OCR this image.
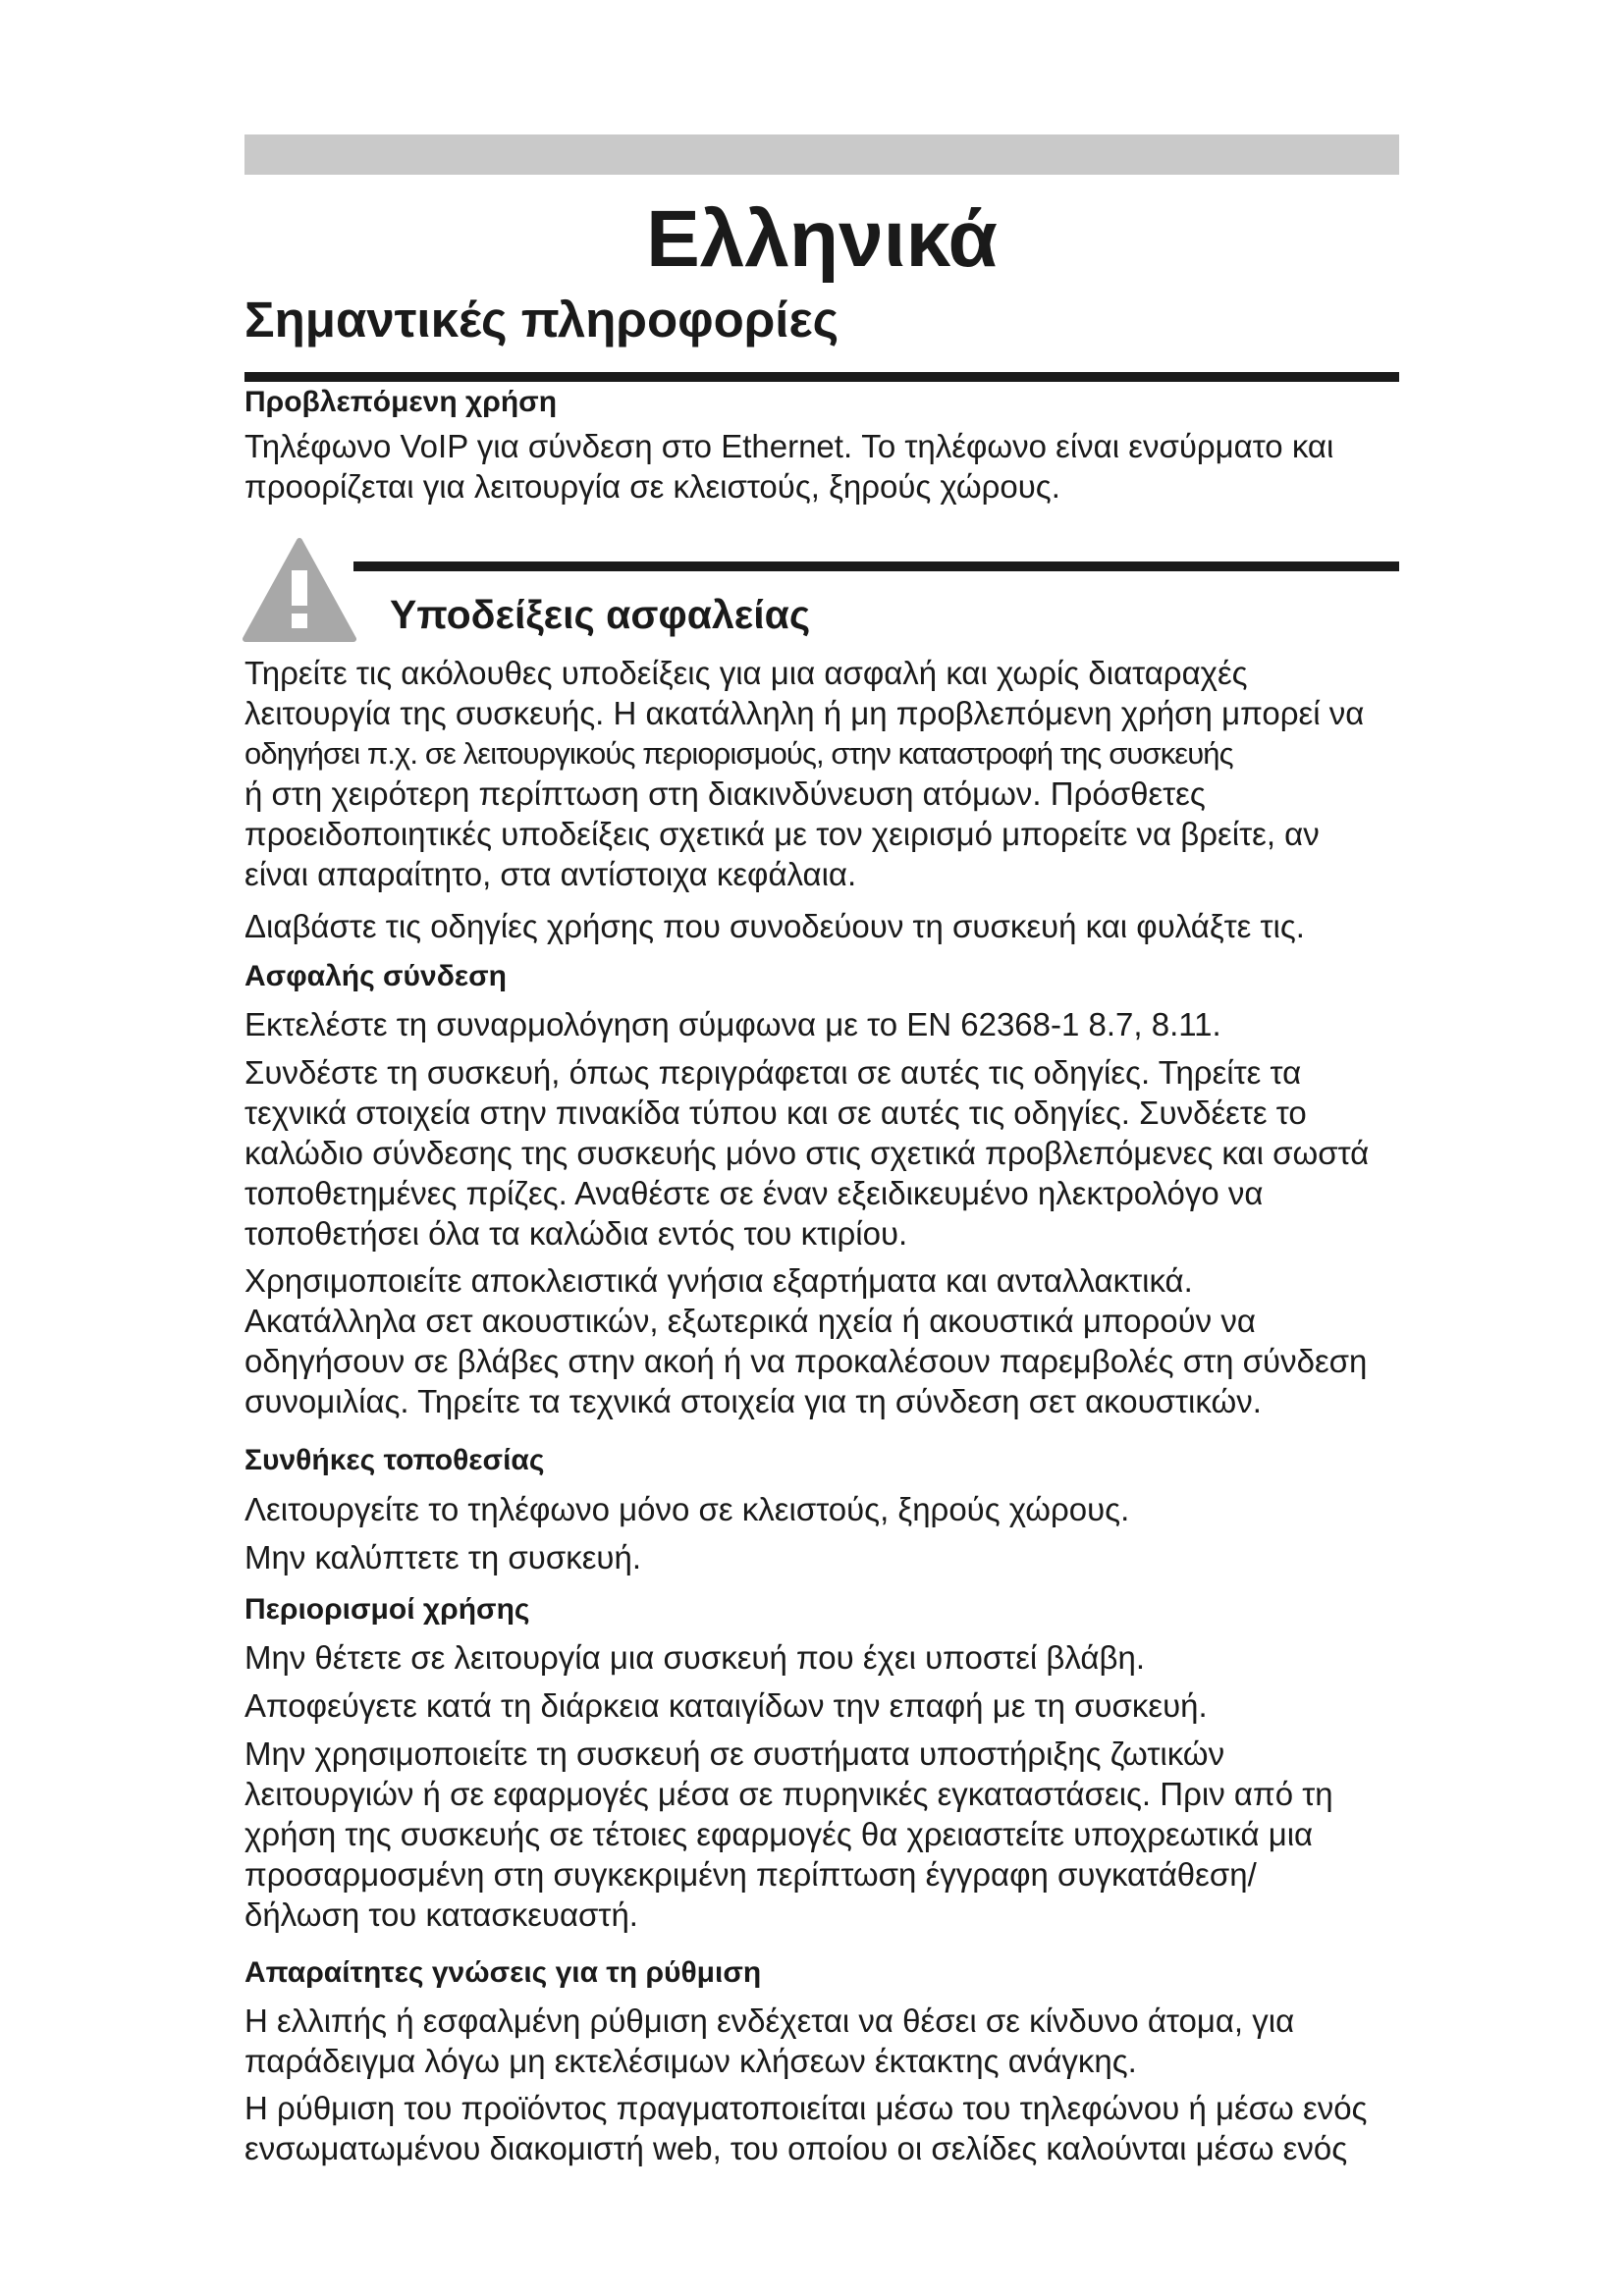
Ελληνικά
Σημαντικές πληροφορίες
Προβλεπόμενη χρήση
Τηλέφωνο VoIP για σύνδεση στο Ethernet. Το τηλέφωνο είναι ενσύρματο και
προορίζεται για λειτουργία σε κλειστούς, ξηρούς χώρους.
Υποδείξεις ασφαλείας
Τηρείτε τις ακόλουθες υποδείξεις για μια ασφαλή και χωρίς διαταραχές
λειτουργία της συσκευής. Η ακατάλληλη ή μη προβλεπόμενη χρήση μπορεί να
οδηγήσει π.χ. σε λειτουργικούς περιορισμούς, στην καταστροφή της συσκευής
ή στη χειρότερη περίπτωση στη διακινδύνευση ατόμων. Πρόσθετες
προειδοποιητικές υποδείξεις σχετικά με τον χειρισμό μπορείτε να βρείτε, αν
είναι απαραίτητο, στα αντίστοιχα κεφάλαια.
Διαβάστε τις οδηγίες χρήσης που συνοδεύουν τη συσκευή και φυλάξτε τις.
Ασφαλής σύνδεση
Εκτελέστε τη συναρμολόγηση σύμφωνα με το EN 62368-1 8.7, 8.11.
Συνδέστε τη συσκευή, όπως περιγράφεται σε αυτές τις οδηγίες. Τηρείτε τα
τεχνικά στοιχεία στην πινακίδα τύπου και σε αυτές τις οδηγίες. Συνδέετε το
καλώδιο σύνδεσης της συσκευής μόνο στις σχετικά προβλεπόμενες και σωστά
τοποθετημένες πρίζες. Αναθέστε σε έναν εξειδικευμένο ηλεκτρολόγο να
τοποθετήσει όλα τα καλώδια εντός του κτιρίου.
Χρησιμοποιείτε αποκλειστικά γνήσια εξαρτήματα και ανταλλακτικά.
Ακατάλληλα σετ ακουστικών, εξωτερικά ηχεία ή ακουστικά μπορούν να
οδηγήσουν σε βλάβες στην ακοή ή να προκαλέσουν παρεμβολές στη σύνδεση
συνομιλίας. Τηρείτε τα τεχνικά στοιχεία για τη σύνδεση σετ ακουστικών.
Συνθήκες τοποθεσίας
Λειτουργείτε το τηλέφωνο μόνο σε κλειστούς, ξηρούς χώρους.
Μην καλύπτετε τη συσκευή.
Περιορισμοί χρήσης
Μην θέτετε σε λειτουργία μια συσκευή που έχει υποστεί βλάβη.
Αποφεύγετε κατά τη διάρκεια καταιγίδων την επαφή με τη συσκευή.
Μην χρησιμοποιείτε τη συσκευή σε συστήματα υποστήριξης ζωτικών
λειτουργιών ή σε εφαρμογές μέσα σε πυρηνικές εγκαταστάσεις. Πριν από τη
χρήση της συσκευής σε τέτοιες εφαρμογές θα χρειαστείτε υποχρεωτικά μια
προσαρμοσμένη στη συγκεκριμένη περίπτωση έγγραφη συγκατάθεση/
δήλωση του κατασκευαστή.
Απαραίτητες γνώσεις για τη ρύθμιση
Η ελλιπής ή εσφαλμένη ρύθμιση ενδέχεται να θέσει σε κίνδυνο άτομα, για
παράδειγμα λόγω μη εκτελέσιμων κλήσεων έκτακτης ανάγκης.
Η ρύθμιση του προϊόντος πραγματοποιείται μέσω του τηλεφώνου ή μέσω ενός
ενσωματωμένου διακομιστή web, του οποίου οι σελίδες καλούνται μέσω ενός
